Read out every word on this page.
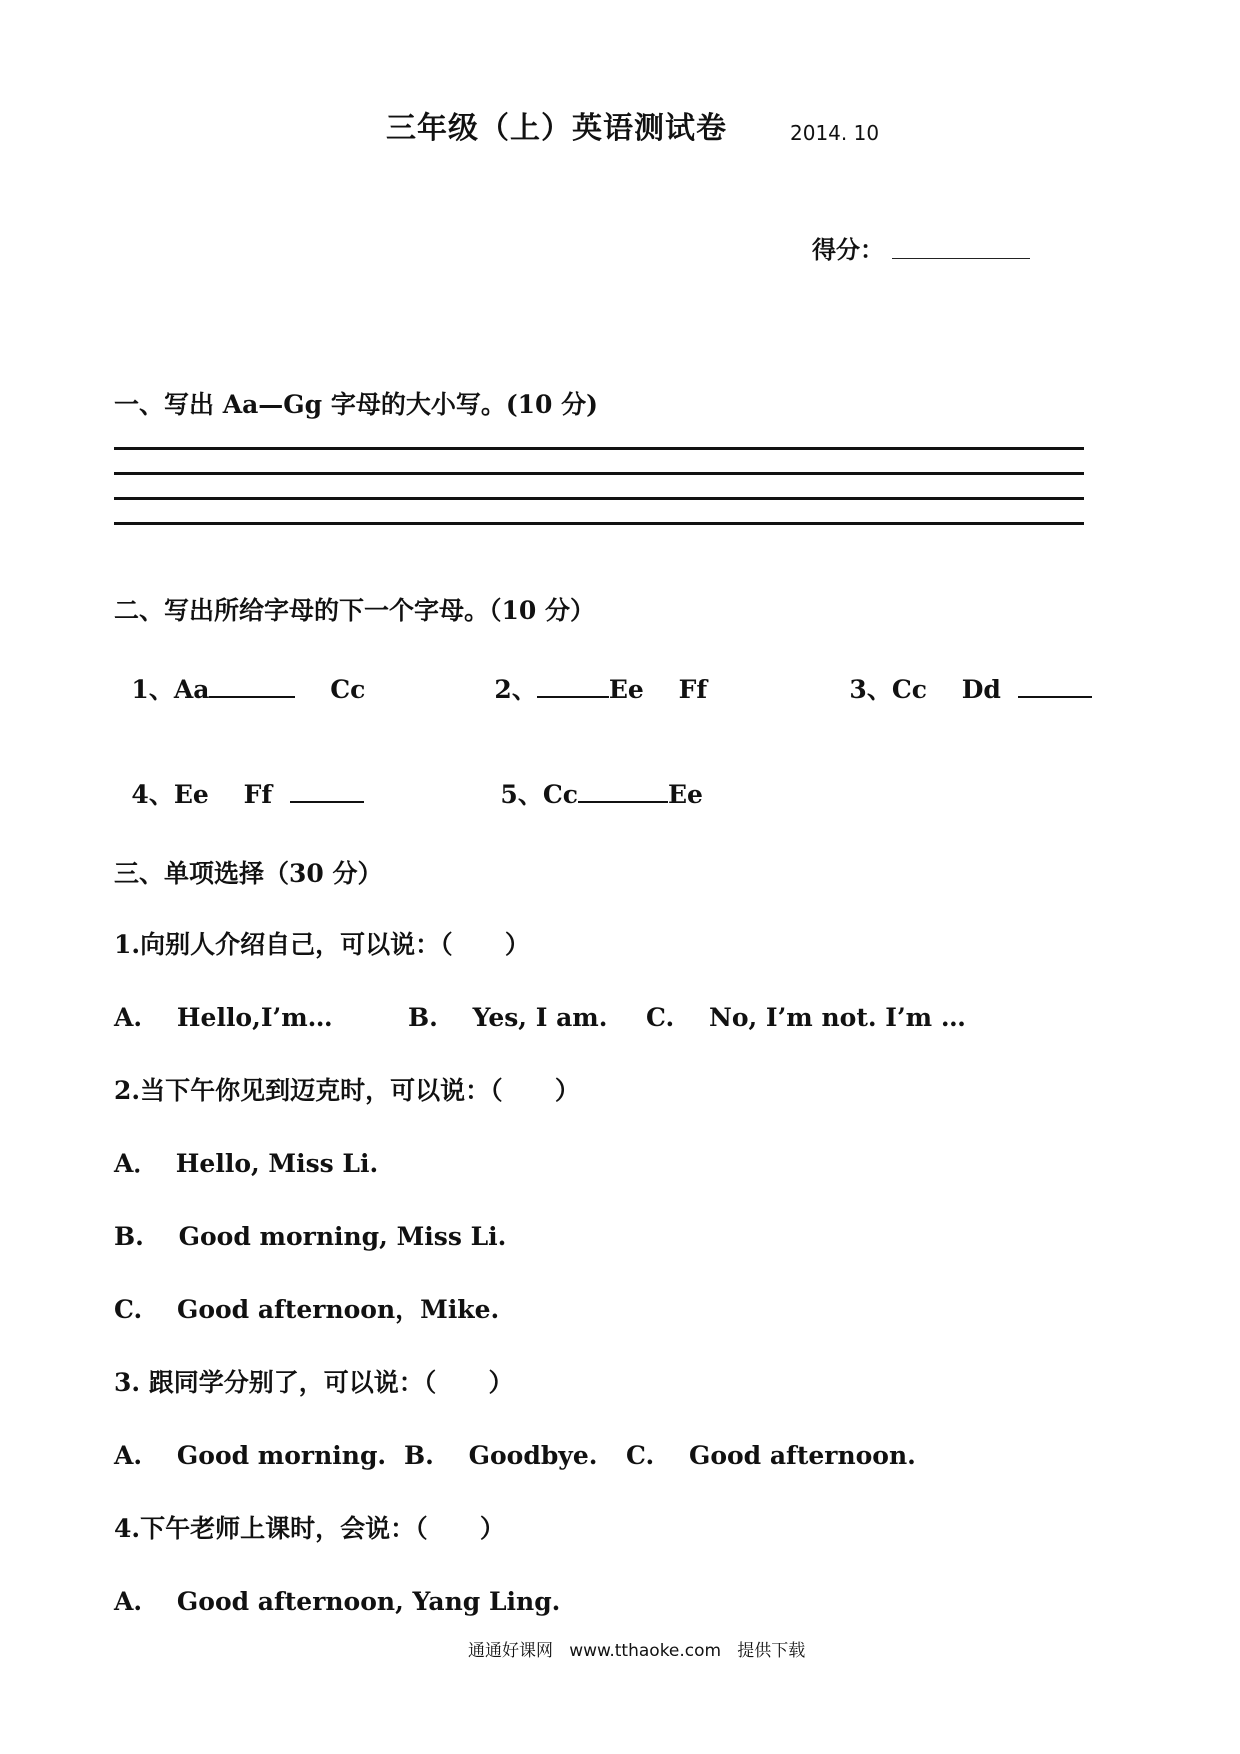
三年级（上）英语测试卷	2014. 10
得分：
一、写出 Aa—Gg 字母的大小写。(10 分)
二、写出所给字母的下一个字母。（10 分）

1、Aa	Cc	2、	Ee    Ff	3、Cc    Dd

4、Ee    Ff	5、Cc	Ee

三、单项选择（30 分）
1.向别人介绍自己，可以说：（      ）
A.    Hello,I’m…	B.    Yes, I am. C.    No, I’m not. I’m …
2.当下午你见到迈克时，可以说：（      ）
A．  Hello, Miss Li.
B.    Good morning, Miss Li.
C.    Good afternoon，Mike.
3. 跟同学分别了，可以说：（      ）
A.    Good morning. B.    Goodbye. C.    Good afternoon.
4.下午老师上课时，会说：（      ）
A.    Good afternoon, Yang Ling.
通通好课网   www.tthaoke.com   提供下载
